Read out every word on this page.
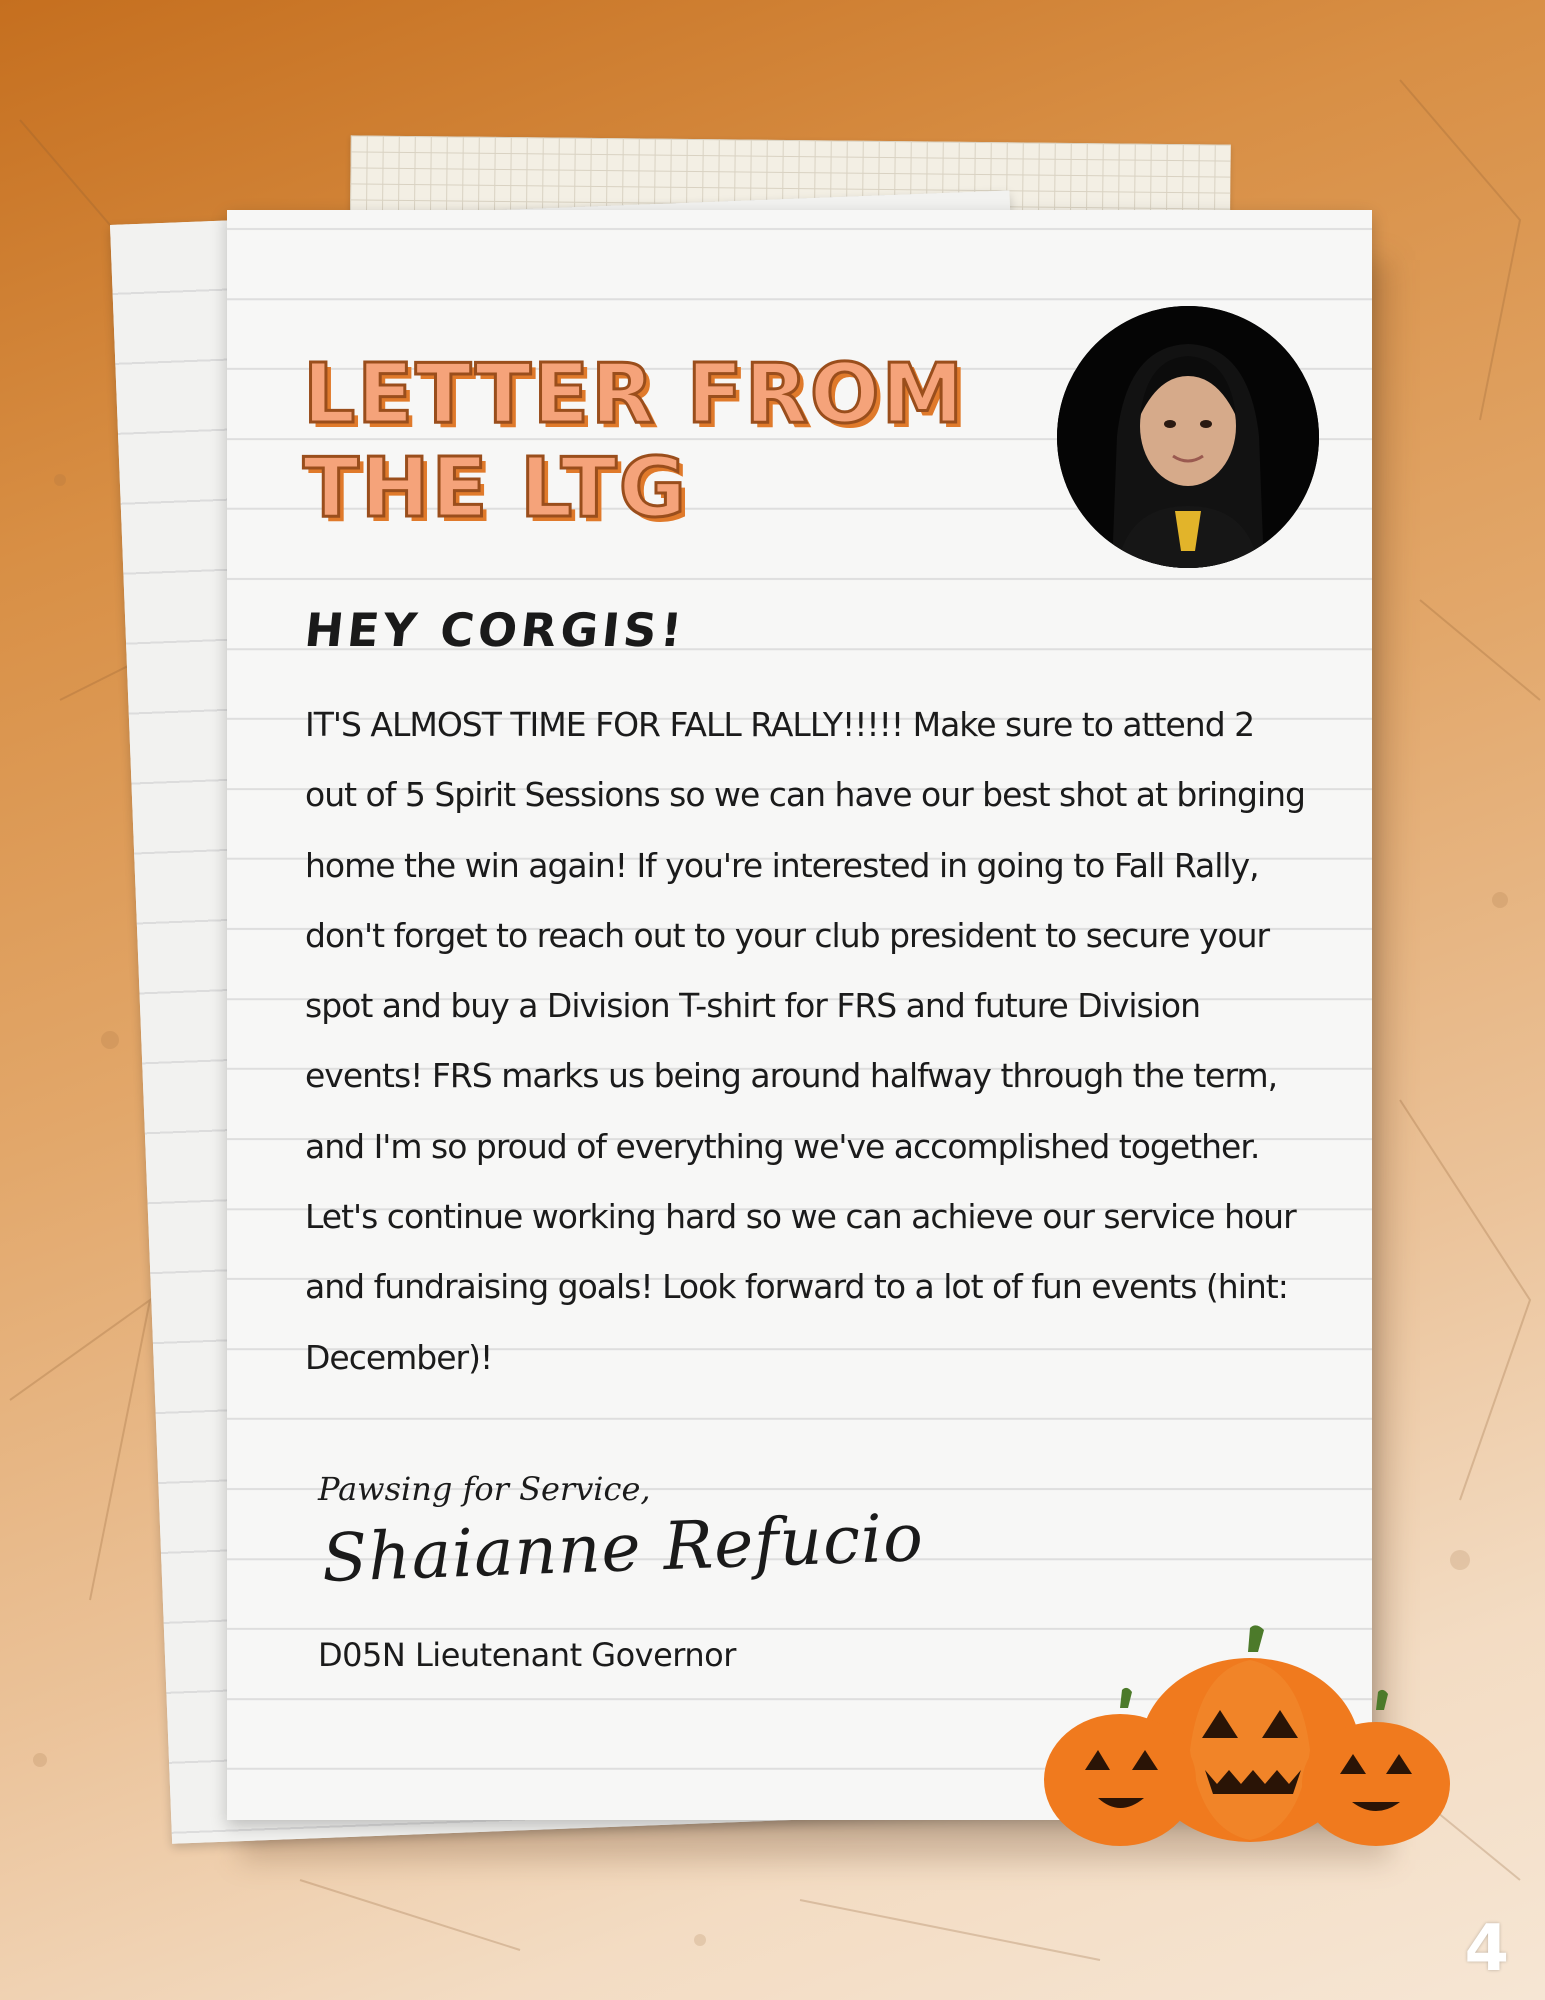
LETTER FROM THE LTG
HEY CORGIS!

IT'S ALMOST TIME FOR FALL RALLY!!!!! Make sure to attend 2 out of 5 Spirit Sessions so we can have our best shot at bringing home the win again! If you're interested in going to Fall Rally, don't forget to reach out to your club president to secure your spot and buy a Division T-shirt for FRS and future Division events! FRS marks us being around halfway through the term, and I'm so proud of everything we've accomplished together. Let's continue working hard so we can achieve our service hour and fundraising goals! Look forward to a lot of fun events (hint: December)!

Pawsing for Service,

Shaianne Refucio

D05N Lieutenant Governor

4
